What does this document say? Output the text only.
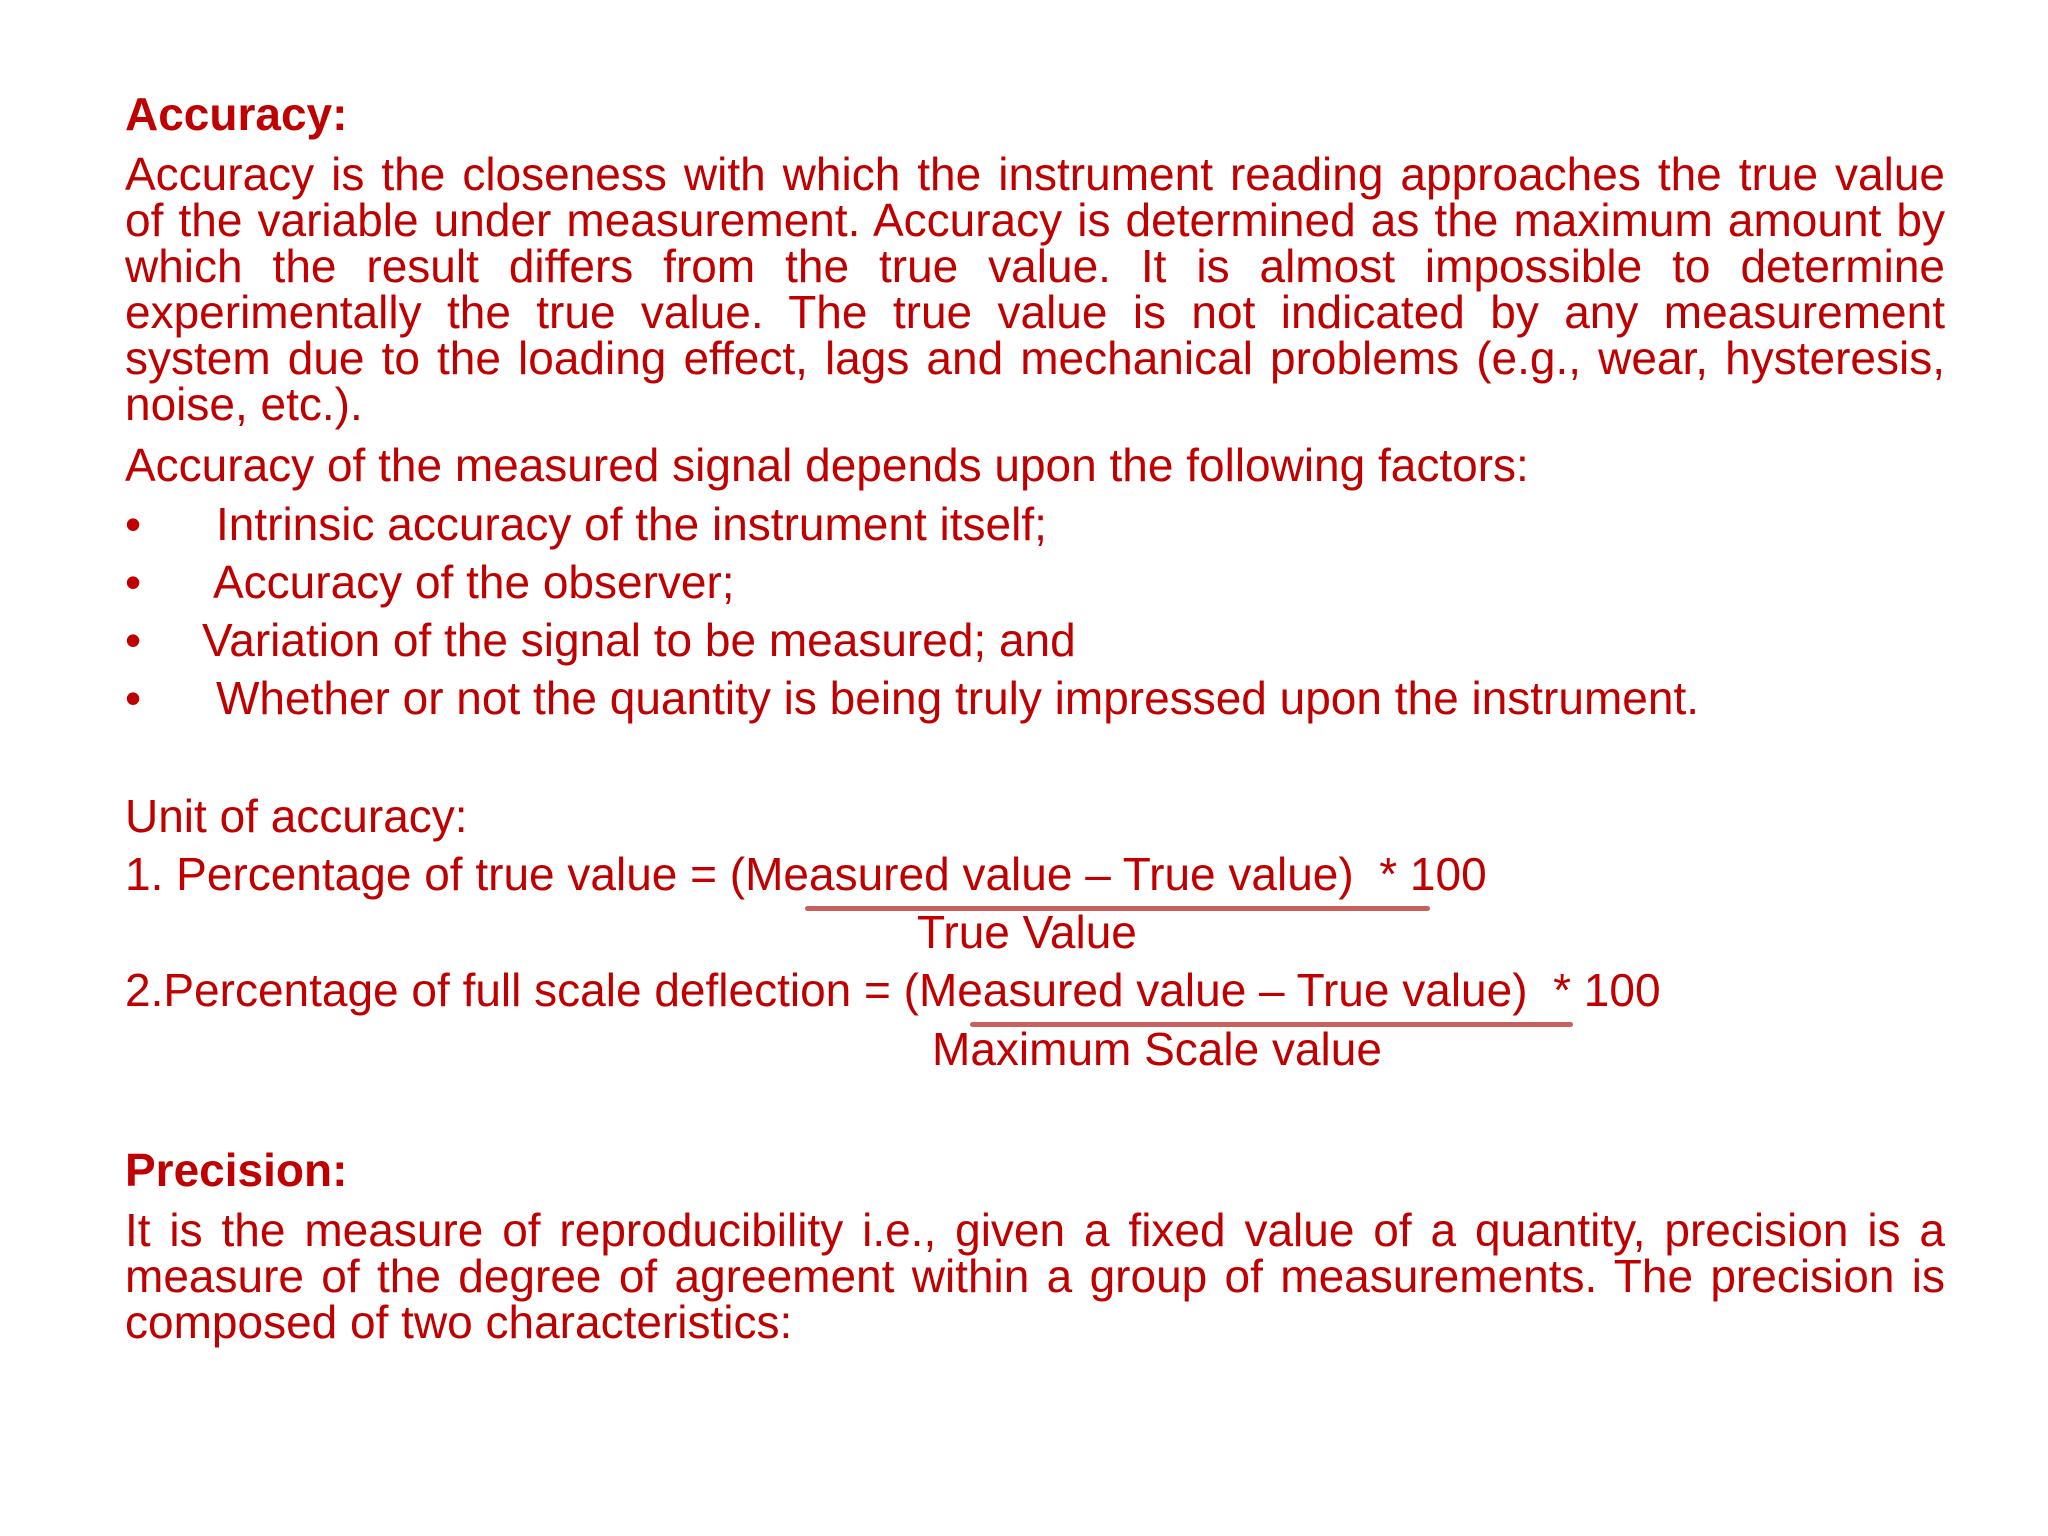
Accuracy:

Accuracy is the closeness with which the instrument reading approaches the true value of the variable under measurement. Accuracy is determined as the maximum amount by which the result differs from the true value. It is almost impossible to determine experimentally the true value. The true value is not indicated by any measurement system due to the loading effect, lags and mechanical problems (e.g., wear, hysteresis, noise, etc.).

Accuracy of the measured signal depends upon the following factors:

• Intrinsic accuracy of the instrument itself;

• Accuracy of the observer;

• Variation of the signal to be measured; and

• Whether or not the quantity is being truly impressed upon the instrument.

Unit of accuracy:

1. Percentage of true value = (Measured value – True value)  * 100

True Value

2.Percentage of full scale deflection = (Measured value – True value)  * 100

Maximum Scale value

Precision:

It is the measure of reproducibility i.e., given a fixed value of a quantity, precision is a measure of the degree of agreement within a group of measurements. The precision is composed of two characteristics:
